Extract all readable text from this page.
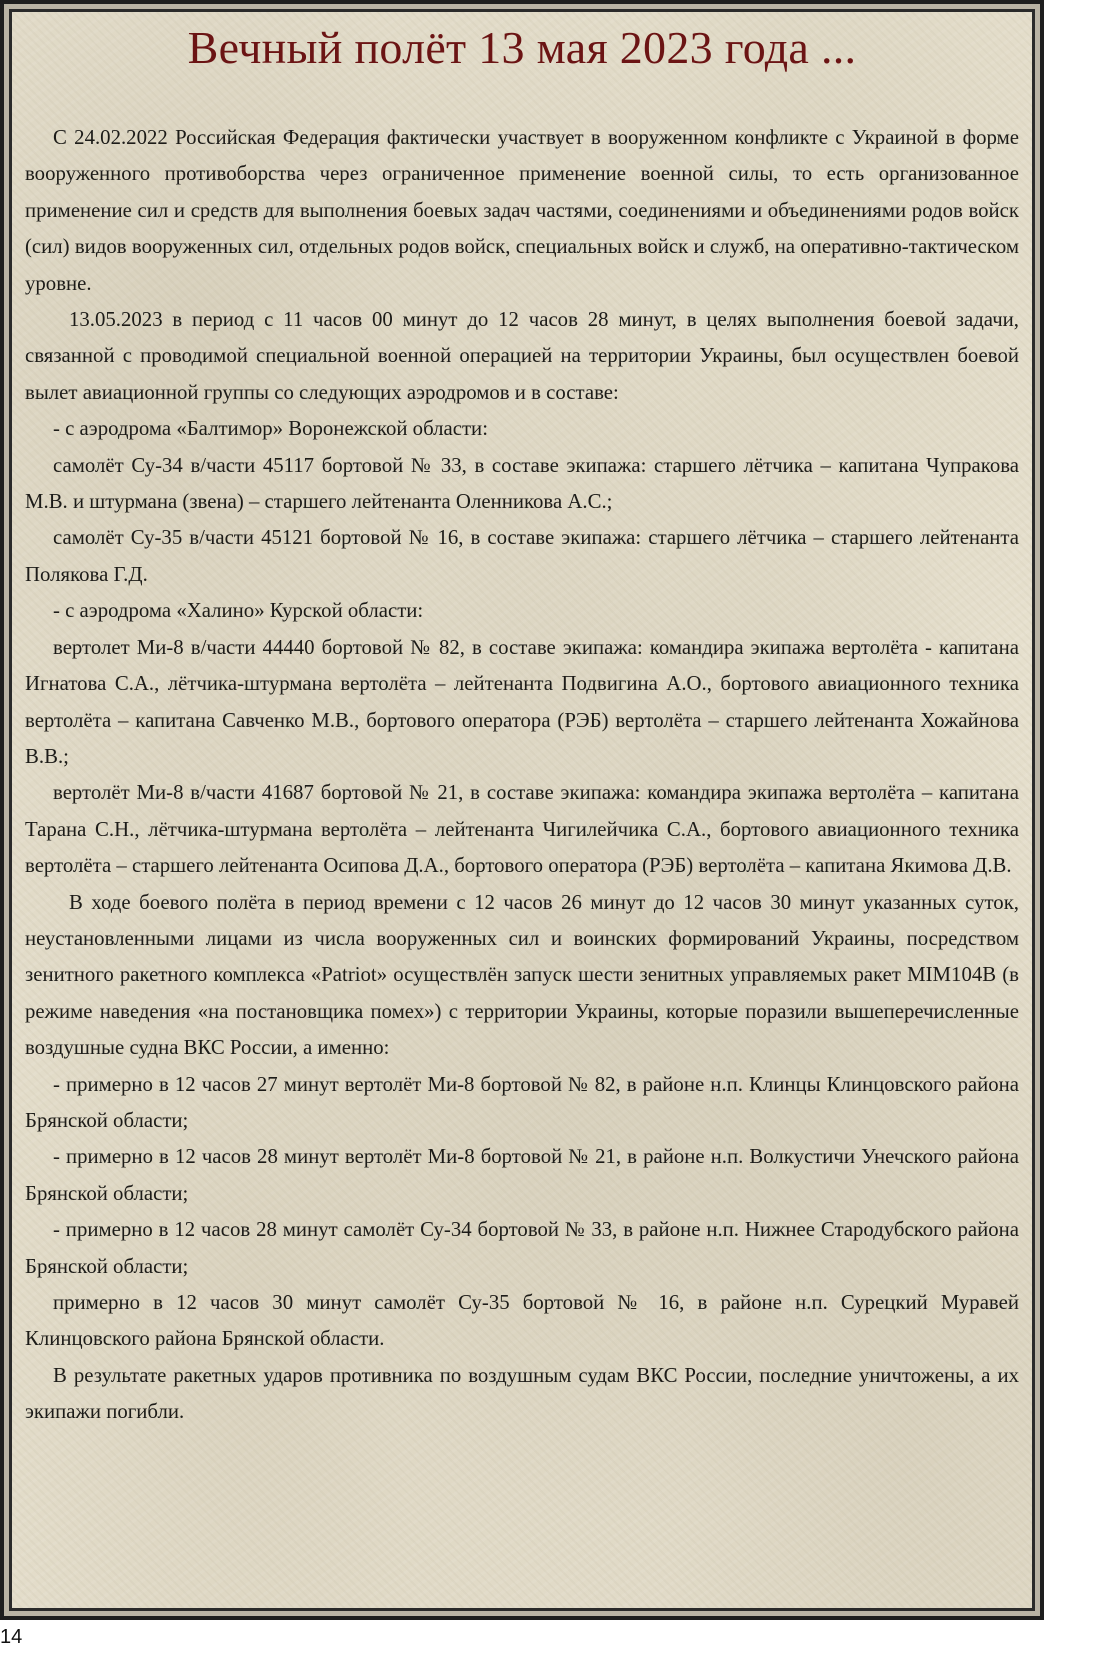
Вечный полёт 13 мая 2023 года ...

С 24.02.2022 Российская Федерация фактически участвует в вооруженном конфликте с Украиной в форме вооруженного противоборства через ограниченное применение военной силы, то есть организованное применение сил и средств для выполнения боевых задач частями, соединениями и объединениями родов войск (сил) видов вооруженных сил, отдельных родов войск, специальных войск и служб, на оперативно-тактическом уровне.

13.05.2023 в период с 11 часов 00 минут до 12 часов 28 минут, в целях выполнения боевой задачи, связанной с проводимой специальной военной операцией на территории Украины, был осуществлен боевой вылет авиационной группы со следующих аэродромов и в составе:

- с аэродрома «Балтимор» Воронежской области:

самолёт Су-34 в/части 45117 бортовой № 33, в составе экипажа: старшего лётчика – капитана Чупракова М.В. и штурмана (звена) – старшего лейтенанта Оленникова А.С.;

самолёт Су-35 в/части 45121 бортовой № 16, в составе экипажа: старшего лётчика – старшего лейтенанта Полякова Г.Д.

- с аэродрома «Халино» Курской области:

вертолет Ми-8 в/части 44440 бортовой № 82, в составе экипажа: командира экипажа вертолёта - капитана Игнатова С.А., лётчика-штурмана вертолёта – лейтенанта Подвигина А.О., бортового авиационного техника вертолёта – капитана Савченко М.В., бортового оператора (РЭБ) вертолёта – старшего лейтенанта Хожайнова В.В.;

вертолёт Ми-8 в/части 41687 бортовой № 21, в составе экипажа: командира экипажа вертолёта – капитана Тарана С.Н., лётчика-штурмана вертолёта – лейтенанта Чигилейчика С.А., бортового авиационного техника вертолёта – старшего лейтенанта Осипова Д.А., бортового оператора (РЭБ) вертолёта – капитана Якимова Д.В.

В ходе боевого полёта в период времени с 12 часов 26 минут до 12 часов 30 минут указанных суток, неустановленными лицами из числа вооруженных сил и воинских формирований Украины, посредством зенитного ракетного комплекса «Patriot» осуществлён запуск шести зенитных управляемых ракет MIM104B (в режиме наведения «на постановщика помех») с территории Украины, которые поразили вышеперечисленные воздушные судна ВКС России, а именно:

- примерно в 12 часов 27 минут вертолёт Ми-8 бортовой № 82, в районе н.п. Клинцы Клинцовского района Брянской области;

- примерно в 12 часов 28 минут вертолёт Ми-8 бортовой № 21, в районе н.п. Волкустичи Унечского района Брянской области;

- примерно в 12 часов 28 минут самолёт Су-34 бортовой № 33, в районе н.п. Нижнее Стародубского района Брянской области;

примерно в 12 часов 30 минут самолёт Су-35 бортовой № 16, в районе н.п. Сурецкий Муравей Клинцовского района Брянской области.

В результате ракетных ударов противника по воздушным судам ВКС России, последние уничтожены, а их экипажи погибли.

14
